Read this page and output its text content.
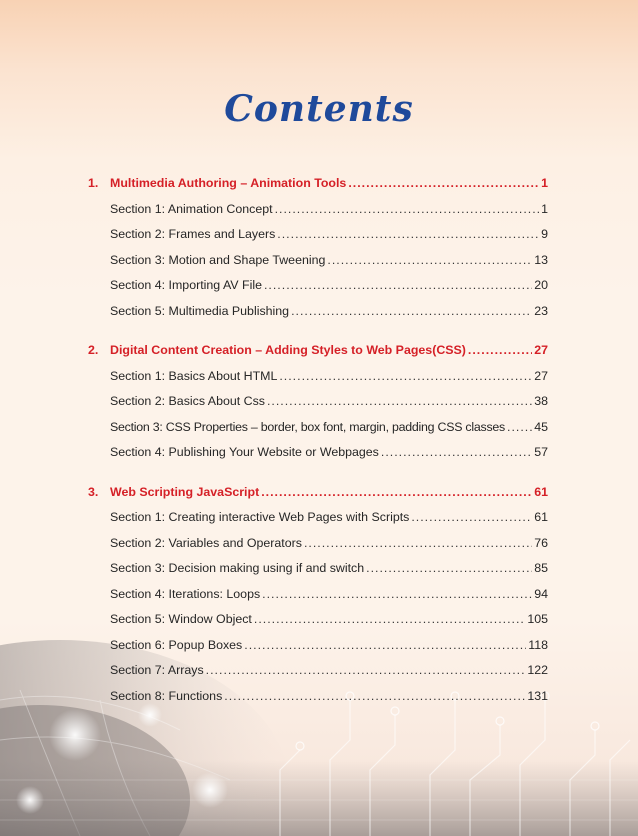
Contents
1. Multimedia Authoring – Animation Tools .....	1
Section 1: Animation Concept .....	1
Section 2: Frames and Layers .....	9
Section 3: Motion and Shape Tweening .....	13
Section 4: Importing AV File .....	20
Section 5: Multimedia Publishing .....	23
2. Digital Content Creation – Adding Styles to Web Pages(CSS) .....	27
Section 1: Basics About HTML .....	27
Section 2: Basics About Css .....	38
Section 3: CSS Properties – border, box font, margin, padding CSS classes ..... 45
Section 4: Publishing Your Website or Webpages .....	57
3. Web Scripting JavaScript .....	61
Section 1: Creating interactive Web Pages with Scripts .....	61
Section 2: Variables and Operators .....	76
Section 3: Decision making using if and switch .....	85
Section 4: Iterations: Loops .....	94
Section 5: Window Object .....	105
Section 6: Popup Boxes .....	118
Section 7: Arrays .....	122
Section 8: Functions .....	131
